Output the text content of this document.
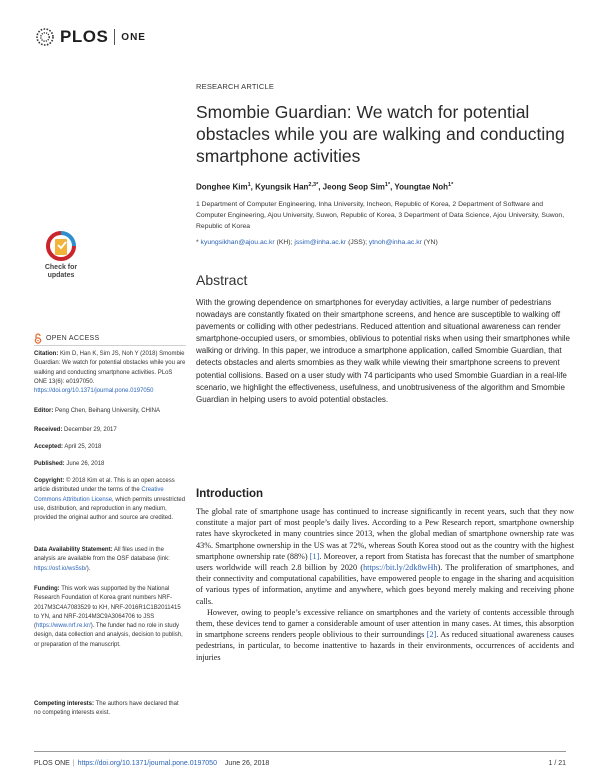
PLOS ONE
RESEARCH ARTICLE
Smombie Guardian: We watch for potential obstacles while you are walking and conducting smartphone activities
Donghee Kim$^1$, Kyungsik Han$^{2,3*}$, Jeong Seop Sim$^{1*}$, Youngtae Noh$^{1*}$
1 Department of Computer Engineering, Inha University, Incheon, Republic of Korea, 2 Department of Software and Computer Engineering, Ajou University, Suwon, Republic of Korea, 3 Department of Data Science, Ajou University, Suwon, Republic of Korea
* kyungsikhan@ajou.ac.kr (KH); jssim@inha.ac.kr (JSS); ytnoh@inha.ac.kr (YN)
Abstract

With the growing dependence on smartphones for everyday activities, a large number of pedestrians nowadays are constantly fixated on their smartphone screens, and hence are susceptible to walking off pavements or colliding with other pedestrians. Reduced attention and situational awareness can render smartphone-occupied users, or smombies, oblivious to potential risks when using their smartphones while walking or driving. In this paper, we introduce a smartphone application, called Smombie Guardian, that detects obstacles and alerts smombies as they walk while viewing their smartphone screens to prevent potential collisions. Based on a user study with 74 participants who used Smombie Guardian in a real-life scenario, we highlight the effectiveness, usefulness, and unobtrusiveness of the algorithm and Smombie Guardian in helping users to avoid potential obstacles.

Introduction

The global rate of smartphone usage has continued to increase significantly in recent years, such that they now constitute a major part of most people’s daily lives. According to a Pew Research report, smartphone ownership rates have skyrocketed in many countries since 2013, when the global median of smartphone ownership rate was 43%. Smartphone ownership in the US was at 72%, whereas South Korea stood out as the country with the highest smartphone ownership rate (88%) [1]. Moreover, a report from Statista has forecast that the number of smartphone users worldwide will reach 2.8 billion by 2020 (https://bit.ly/2dk8wHh). The proliferation of smartphones, and their connectivity and computational capabilities, have empowered people to engage in the sharing and acquisition of various types of information, anytime and anywhere, which goes beyond merely making and receiving phone calls.

However, owing to people’s excessive reliance on smartphones and the variety of contents accessible through them, these devices tend to garner a considerable amount of user attention in many cases. At times, this absorption in smartphone screens renders people oblivious to their surroundings [2]. As reduced situational awareness causes pedestrians, in particular, to become inattentive to hazards in their environments, occurrences of accidents and injuries

Check for updates
OPEN ACCESS
Citation: Kim D, Han K, Sim JS, Noh Y (2018) Smombie Guardian: We watch for potential obstacles while you are walking and conducting smartphone activities. PLoS ONE 13(6): e0197050. https://doi.org/10.1371/journal.pone.0197050
Editor: Peng Chen, Beihang University, CHINA
Received: December 29, 2017
Accepted: April 25, 2018
Published: June 26, 2018
Copyright: © 2018 Kim et al. This is an open access article distributed under the terms of the Creative Commons Attribution License, which permits unrestricted use, distribution, and reproduction in any medium, provided the original author and source are credited.
Data Availability Statement: All files used in the analysis are available from the OSF database (link: https://osf.io/ws5sb/).
Funding: This work was supported by the National Research Foundation of Korea grant numbers NRF-2017M3C4A7083529 to KH, NRF-2016R1C1B2011415 to YN, and NRF-2014M3C9A3064706 to JSS (https://www.nrf.re.kr/). The funder had no role in study design, data collection and analysis, decision to publish, or preparation of the manuscript.
Competing interests: The authors have declared that no competing interests exist.
PLOS ONE | https://doi.org/10.1371/journal.pone.0197050 June 26, 2018	1 / 21
